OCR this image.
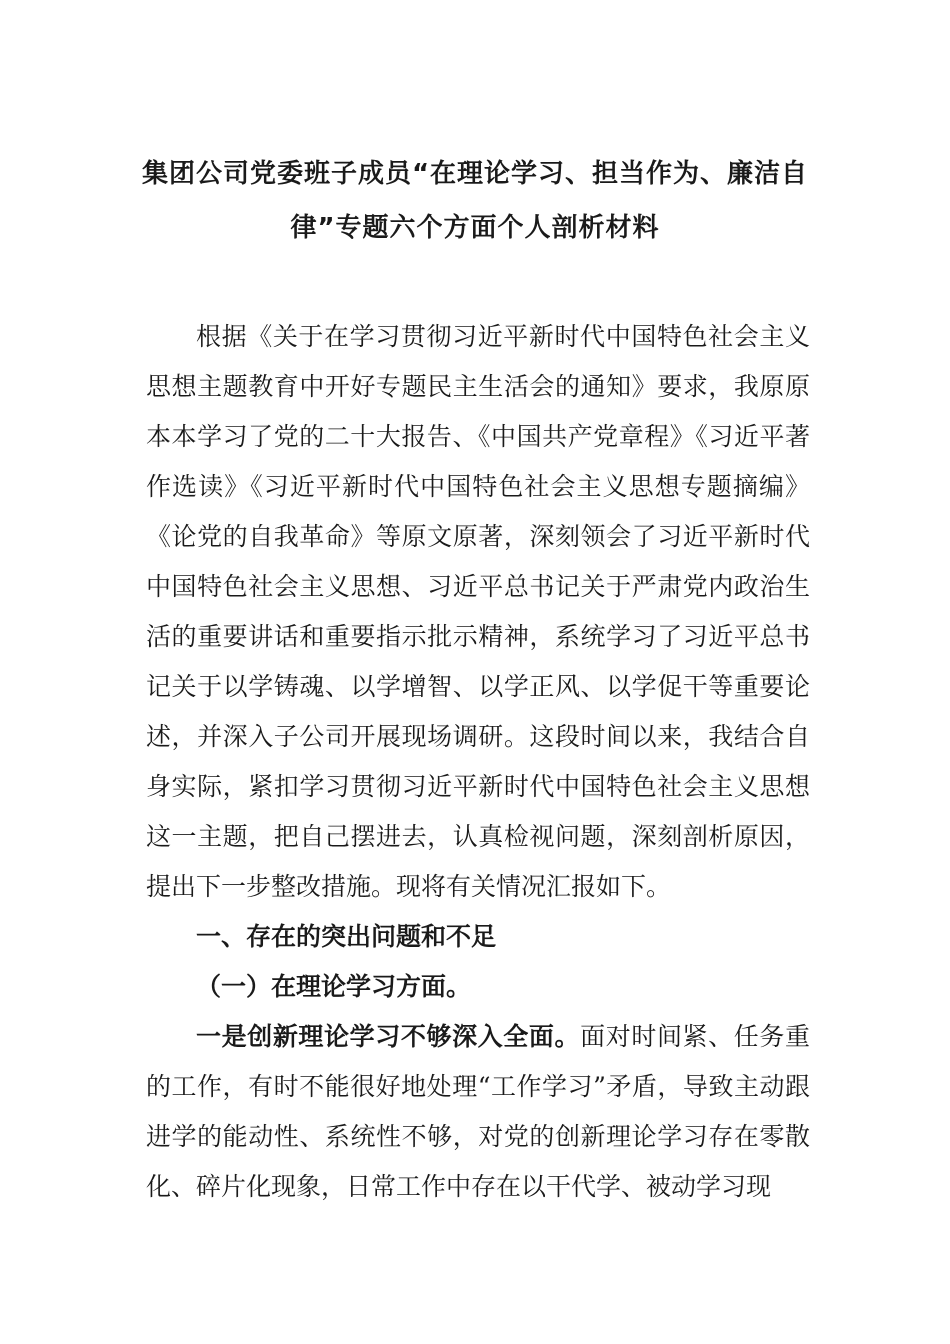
集团公司党委班子成员“在理论学习、担当作为、廉洁自
律”专题六个方面个人剖析材料

根据《关于在学习贯彻习近平新时代中国特色社会主义思想主题教育中开好专题民主生活会的通知》要求，我原原本本学习了党的二十大报告、《中国共产党章程》《习近平著作选读》《习近平新时代中国特色社会主义思想专题摘编》《论党的自我革命》等原文原著，深刻领会了习近平新时代中国特色社会主义思想、习近平总书记关于严肃党内政治生活的重要讲话和重要指示批示精神，系统学习了习近平总书记关于以学铸魂、以学增智、以学正风、以学促干等重要论述，并深入子公司开展现场调研。这段时间以来，我结合自身实际，紧扣学习贯彻习近平新时代中国特色社会主义思想这一主题，把自己摆进去，认真检视问题，深刻剖析原因，提出下一步整改措施。现将有关情况汇报如下。

一、存在的突出问题和不足

（一）在理论学习方面。

一是创新理论学习不够深入全面。面对时间紧、任务重的工作，有时不能很好地处理“工作学习”矛盾，导致主动跟进学的能动性、系统性不够，对党的创新理论学习存在零散化、碎片化现象，日常工作中存在以干代学、被动学习现
